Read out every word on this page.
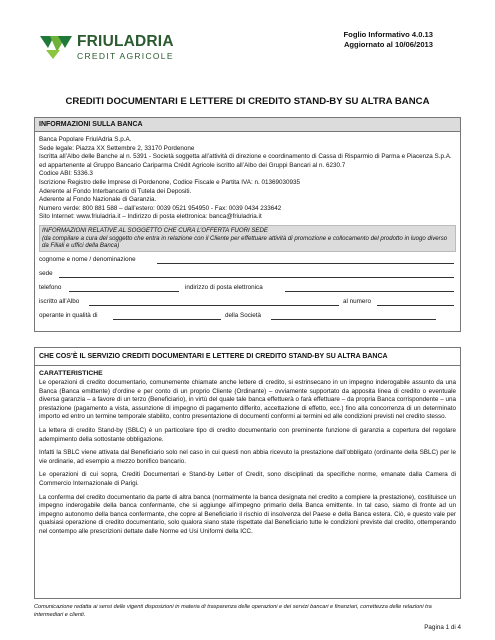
FRIULADRIA
CREDIT AGRICOLE
Foglio Informativo 4.0.13
Aggiornato al 10/06/2013
CREDITI DOCUMENTARI E LETTERE DI CREDITO STAND-BY SU ALTRA BANCA
INFORMAZIONI SULLA BANCA
Banca Popolare FriulAdria S.p.A.
Sede legale: Piazza XX Settembre 2, 33170 Pordenone
Iscritta all’Albo delle Banche al n. 5391 - Società soggetta all’attività di direzione e coordinamento di Cassa di Risparmio di Parma e Piacenza S.p.A. ed appartenente al Gruppo Bancario Cariparma Crédit Agricole iscritto all’Albo dei Gruppi Bancari al n. 6230.7
Codice ABI: 5336.3
Iscrizione Registro delle Imprese di Pordenone, Codice Fiscale e Partita IVA: n. 01369030935
Aderente al Fondo Interbancario di Tutela dei Depositi.
Aderente al Fondo Nazionale di Garanzia.
Numero verde: 800 881 588 – dall’estero: 0039 0521 954950 - Fax: 0039 0434 233642
Sito Internet: www.friuladria.it – Indirizzo di posta elettronica: banca@friuladria.it
INFORMAZIONI RELATIVE AL SOGGETTO CHE CURA L’OFFERTA FUORI SEDE
(da compilare a cura del soggetto che entra in relazione con il Cliente per effettuare attività di promozione e collocamento del prodotto in luogo diverso da Filiali e uffici della Banca)
cognome e nome / denominazione
sede
telefono	indirizzo di posta elettronica
iscritto all’Albo	al numero
operante in qualità di	della Società
CHE COS’È IL SERVIZIO CREDITI DOCUMENTARI E LETTERE DI CREDITO STAND-BY SU ALTRA BANCA
CARATTERISTICHE

Le operazioni di credito documentario, comunemente chiamate anche lettere di credito, si estrinsecano in un impegno inderogabile assunto da una Banca (Banca emittente) d’ordine e per conto di un proprio Cliente (Ordinante) – ovviamente supportato da apposita linea di credito o eventuale diversa garanzia – a favore di un terzo (Beneficiario), in virtù del quale tale banca effettuerà o farà effettuare – da propria Banca corrispondente – una prestazione (pagamento a vista, assunzione di impegno di pagamento differito, accettazione di effetto, ecc.) fino alla concorrenza di un determinato importo ed entro un termine temporale stabilito, contro presentazione di documenti conformi ai termini ed alle condizioni previsti nel credito stesso.

La lettera di credito Stand-by (SBLC) è un particolare tipo di credito documentario con preminente funzione di garanzia a copertura del regolare adempimento della sottostante obbligazione.

Infatti la SBLC viene attivata dal Beneficiario solo nel caso in cui questi non abbia ricevuto la prestazione dall’obbligato (ordinante della SBLC) per le vie ordinarie, ad esempio a mezzo bonifico bancario.

Le operazioni di cui sopra, Crediti Documentari e Stand-by Letter of Credit, sono disciplinati da specifiche norme, emanate dalla Camera di Commercio Internazionale di Parigi.

La conferma del credito documentario da parte di altra banca (normalmente la banca designata nel credito a compiere la prestazione), costituisce un impegno inderogabile della banca confermante, che si aggiunge all’impegno primario della Banca emittente. In tal caso, siamo di fronte ad un impegno autonomo della banca confermante, che copre al Beneficiario il rischio di insolvenza del Paese e della Banca estera. Ciò, e questo vale per qualsiasi operazione di credito documentario, solo qualora siano state rispettate dal Beneficiario tutte le condizioni previste dal credito, ottemperando nel contempo alle prescrizioni dettate dalle Norme ed Usi Uniformi della ICC.

Comunicazione redatta ai sensi delle vigenti disposizioni in materia di trasparenza delle operazioni e dei servizi bancari e finanziari, correttezza delle relazioni tra intermediari e clienti.
Pagina 1 di 4
